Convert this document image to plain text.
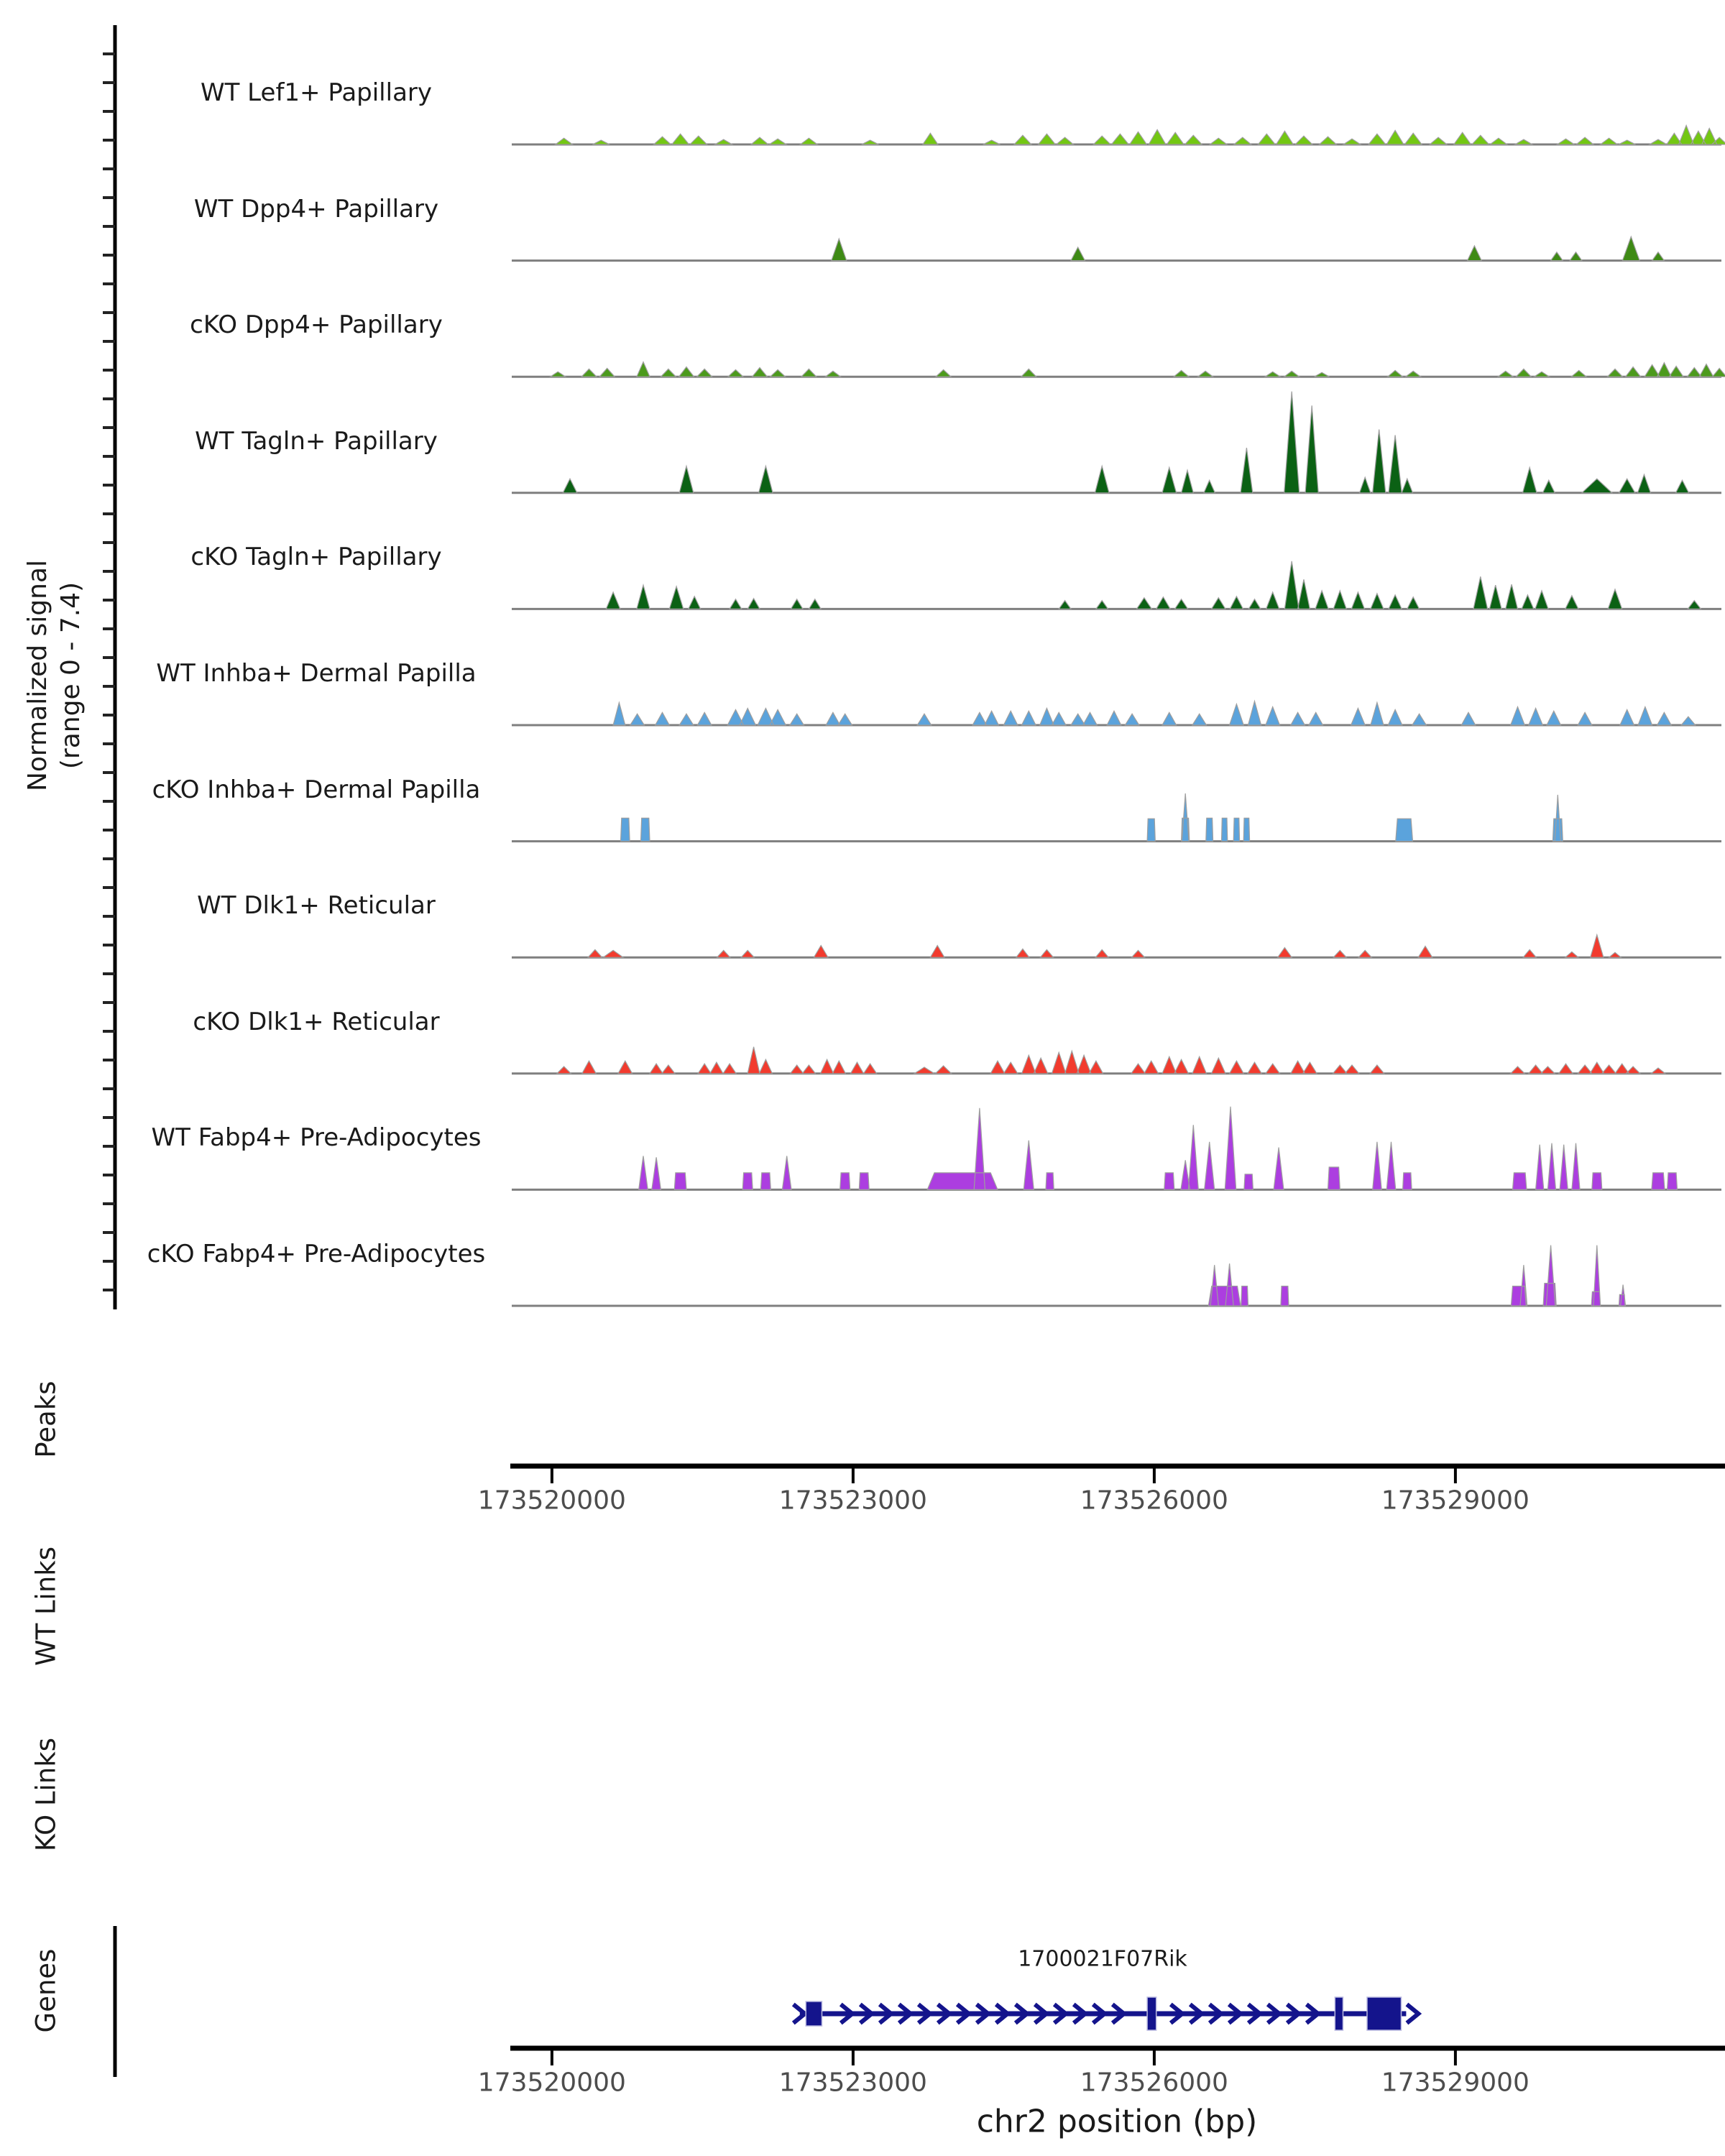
Normalized signal (range 0 - 7.4)
Peaks
WT Links
KO Links
Genes	1700021F07Rik
chr2 position (bp)
WT Lef1+ Papillary
WT Dpp4+ Papillary
cKO Dpp4+ Papillary
WT Tagln+ Papillary
cKO Tagln+ Papillary
WT Inhba+ Dermal Papilla
cKO Inhba+ Dermal Papilla
WT Dlk1+ Reticular
cKO Dlk1+ Reticular
WT Fabp4+ Pre-Adipocytes
cKO Fabp4+ Pre-Adipocytes
173520000	173523000	173526000	173529000
173520000	173523000	173526000	173529000
